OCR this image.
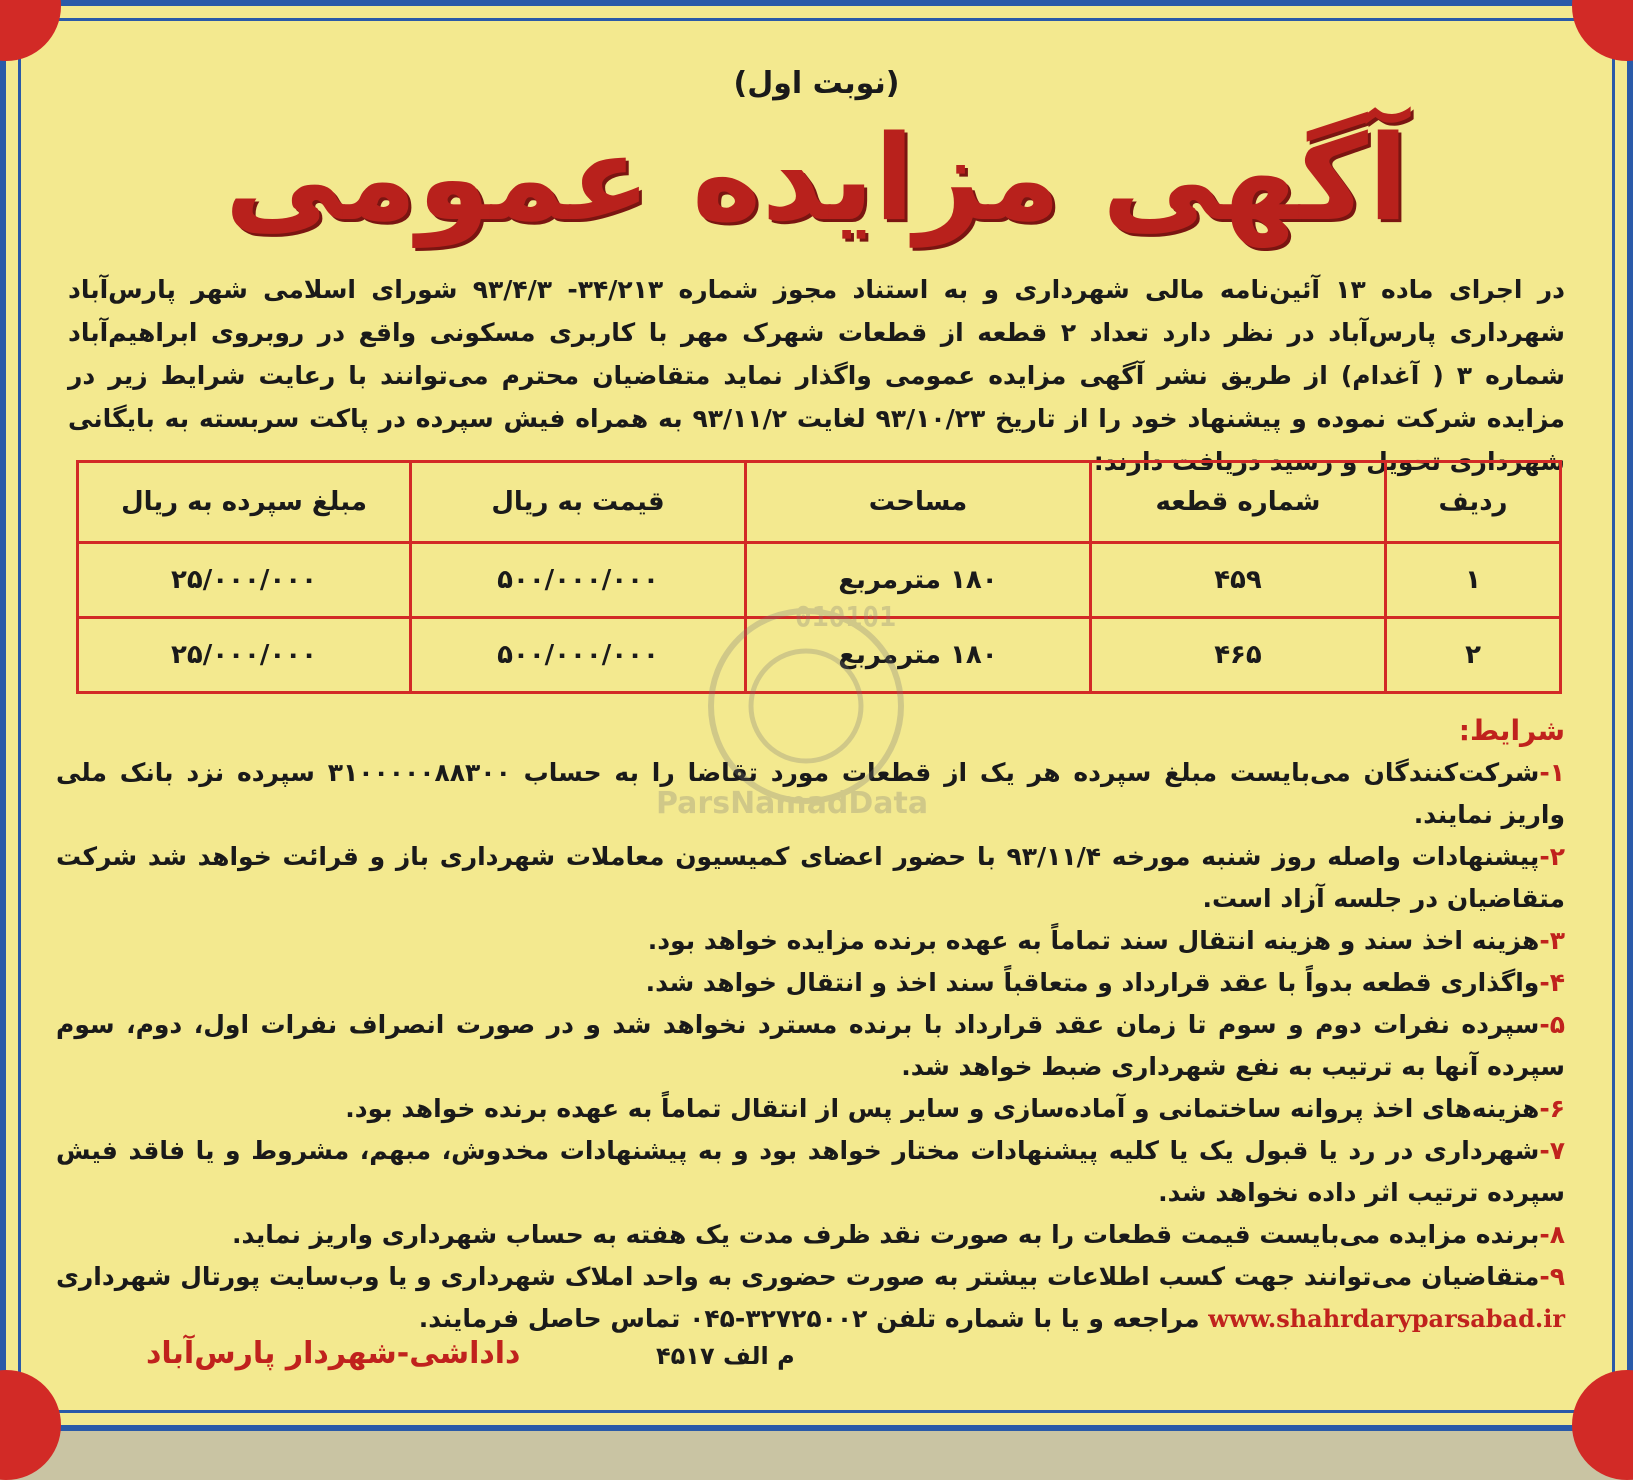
(نوبت اول)
آگهی مزایده عمومی
در اجرای ماده ۱۳ آئین‌نامه مالی شهرداری و به استناد مجوز شماره ۳۴/۲۱۳- ۹۳/۴/۳ شورای اسلامی شهر پارس‌آباد شهرداری پارس‌آباد در نظر دارد تعداد ۲ قطعه از قطعات شهرک مهر با کاربری مسکونی واقع در روبروی ابراهیم‌آباد شماره ۳ ( آغدام) از طریق نشر آگهی مزایده عمومی واگذار نماید متقاضیان محترم می‌توانند با رعایت شرایط زیر در مزایده شرکت نموده و پیشنهاد خود را از تاریخ ۹۳/۱۰/۲۳ لغایت ۹۳/۱۱/۲ به همراه فیش سپرده در پاکت سربسته به بایگانی شهرداری تحویل و رسید دریافت دارند:
ردیف	شماره قطعه	مساحت	قیمت به ریال	مبلغ سپرده به ریال
۱	۴۵۹	۱۸۰ مترمربع	۵۰۰/۰۰۰/۰۰۰	۲۵/۰۰۰/۰۰۰
۲	۴۶۵	۱۸۰ مترمربع	۵۰۰/۰۰۰/۰۰۰	۲۵/۰۰۰/۰۰۰
شرایط:
۱-شرکت‌کنندگان می‌بایست مبلغ سپرده هر یک از قطعات مورد تقاضا را به حساب ۳۱۰۰۰۰۰۸۸۳۰۰ سپرده نزد بانک ملی واریز نمایند.
۲-پیشنهادات واصله روز شنبه مورخه ۹۳/۱۱/۴ با حضور اعضای کمیسیون معاملات شهرداری باز و قرائت خواهد شد شرکت متقاضیان در جلسه آزاد است.
۳-هزینه اخذ سند و هزینه انتقال سند تماماً به عهده برنده مزایده خواهد بود.
۴-واگذاری قطعه بدواً با عقد قرارداد و متعاقباً سند اخذ و انتقال خواهد شد.
۵-سپرده نفرات دوم و سوم تا زمان عقد قرارداد با برنده مسترد نخواهد شد و در صورت انصراف نفرات اول، دوم، سوم سپرده آنها به ترتیب به نفع شهرداری ضبط خواهد شد.
۶-هزینه‌های اخذ پروانه ساختمانی و آماده‌سازی و سایر پس از انتقال تماماً به عهده برنده خواهد بود.
۷-شهرداری در رد یا قبول یک یا کلیه پیشنهادات مختار خواهد بود و به پیشنهادات مخدوش، مبهم، مشروط و یا فاقد فیش سپرده ترتیب اثر داده نخواهد شد.
۸-برنده مزایده می‌بایست قیمت قطعات را به صورت نقد ظرف مدت یک هفته به حساب شهرداری واریز نماید.
۹-متقاضیان می‌توانند جهت کسب اطلاعات بیشتر به صورت حضوری به واحد املاک شهرداری و یا وب‌سایت پورتال شهرداری www.shahrdaryparsabad.ir مراجعه و یا با شماره تلفن ۳۲۷۲۵۰۰۲-۰۴۵ تماس حاصل فرمایند.
010101
ParsNamadData
داداشی-شهردار پارس‌آباد	م الف ۴۵۱۷
